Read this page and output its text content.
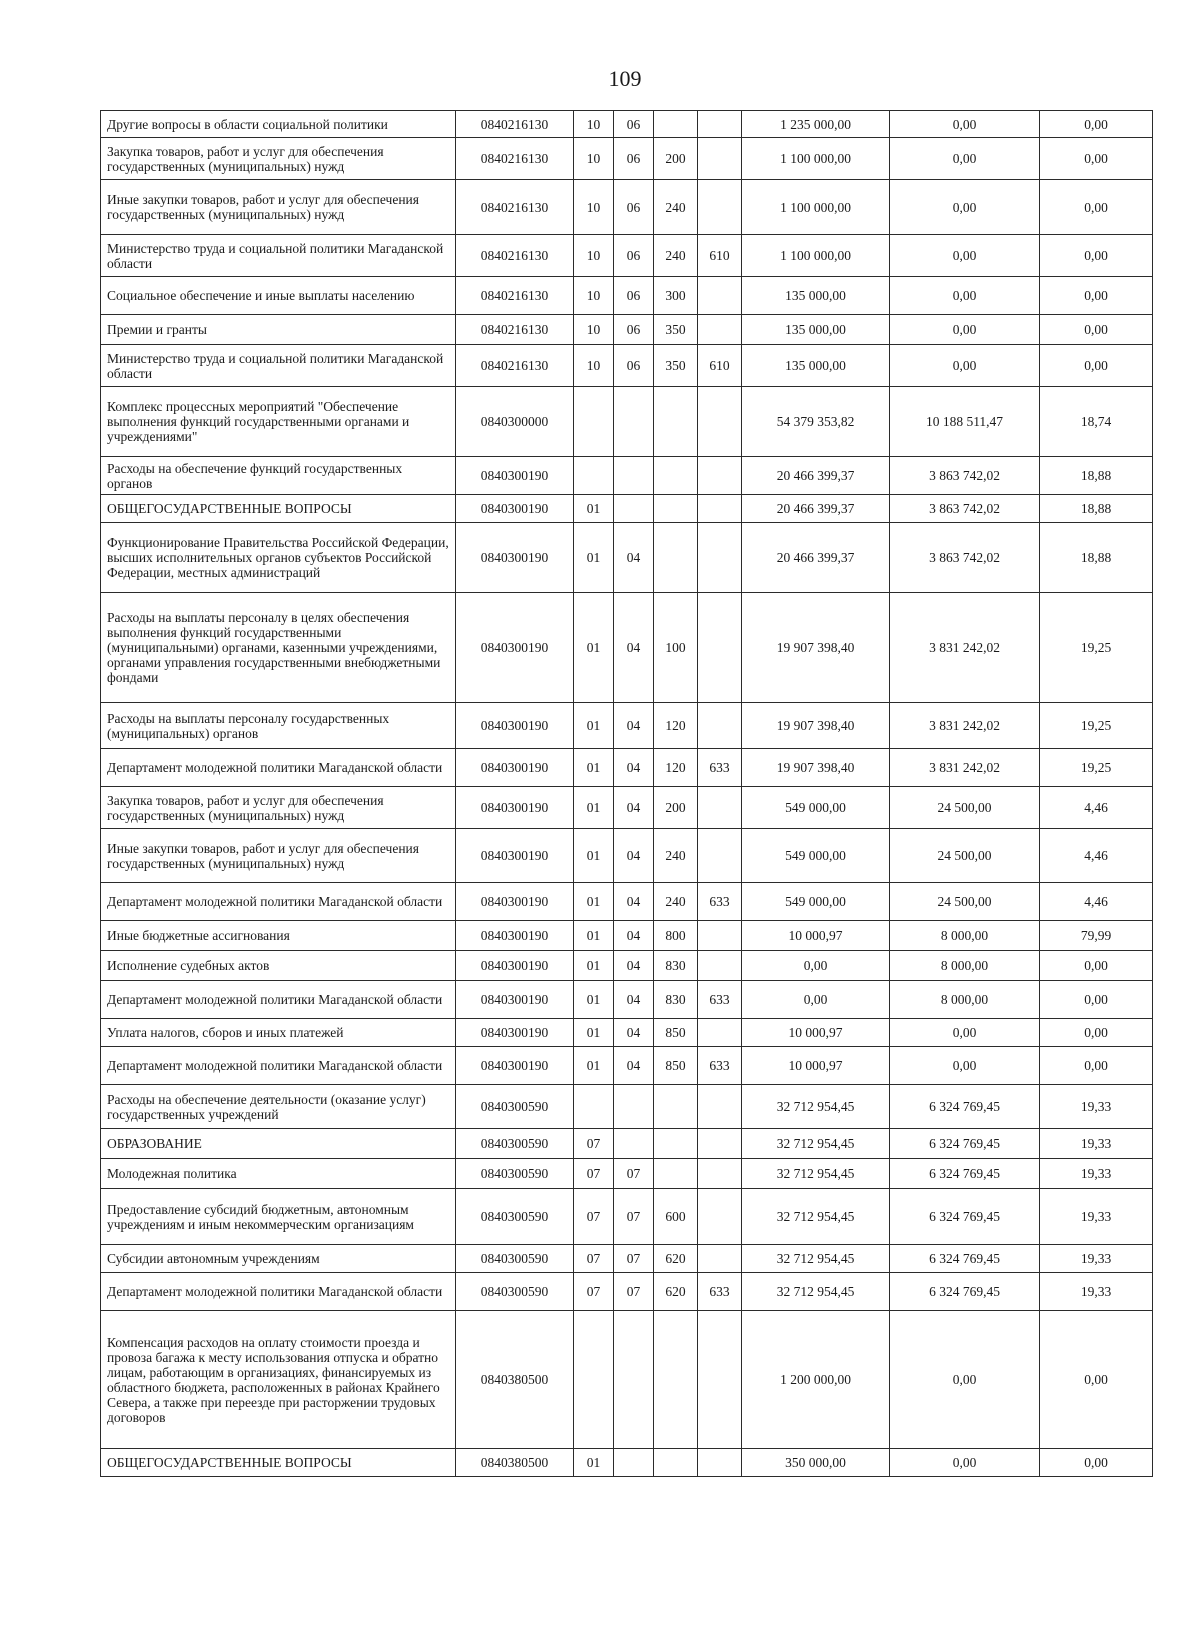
109
Другие вопросы в области социальной политики	0840216130	10	06			1 235 000,00	0,00	0,00
Закупка товаров, работ и услуг для обеспечения государственных (муниципальных) нужд	0840216130	10	06	200		1 100 000,00	0,00	0,00
Иные закупки товаров, работ и услуг для обеспечения государственных (муниципальных) нужд	0840216130	10	06	240		1 100 000,00	0,00	0,00
Министерство труда и социальной политики Магаданской области	0840216130	10	06	240	610	1 100 000,00	0,00	0,00
Социальное обеспечение и иные выплаты населению	0840216130	10	06	300		135 000,00	0,00	0,00
Премии и гранты	0840216130	10	06	350		135 000,00	0,00	0,00
Министерство труда и социальной политики Магаданской области	0840216130	10	06	350	610	135 000,00	0,00	0,00
Комплекс процессных мероприятий "Обеспечение выполнения функций государственными органами и учреждениями"	0840300000					54 379 353,82	10 188 511,47	18,74
Расходы на обеспечение функций государственных органов	0840300190					20 466 399,37	3 863 742,02	18,88
ОБЩЕГОСУДАРСТВЕННЫЕ ВОПРОСЫ	0840300190	01				20 466 399,37	3 863 742,02	18,88
Функционирование Правительства Российской Федерации, высших исполнительных органов субъектов Российской Федерации, местных администраций	0840300190	01	04			20 466 399,37	3 863 742,02	18,88
Расходы на выплаты персоналу в целях обеспечения выполнения функций государственными (муниципальными) органами, казенными учреждениями, органами управления государственными внебюджетными фондами	0840300190	01	04	100		19 907 398,40	3 831 242,02	19,25
Расходы на выплаты персоналу государственных (муниципальных) органов	0840300190	01	04	120		19 907 398,40	3 831 242,02	19,25
Департамент молодежной политики Магаданской области	0840300190	01	04	120	633	19 907 398,40	3 831 242,02	19,25
Закупка товаров, работ и услуг для обеспечения государственных (муниципальных) нужд	0840300190	01	04	200		549 000,00	24 500,00	4,46
Иные закупки товаров, работ и услуг для обеспечения государственных (муниципальных) нужд	0840300190	01	04	240		549 000,00	24 500,00	4,46
Департамент молодежной политики Магаданской области	0840300190	01	04	240	633	549 000,00	24 500,00	4,46
Иные бюджетные ассигнования	0840300190	01	04	800		10 000,97	8 000,00	79,99
Исполнение судебных актов	0840300190	01	04	830		0,00	8 000,00	0,00
Департамент молодежной политики Магаданской области	0840300190	01	04	830	633	0,00	8 000,00	0,00
Уплата налогов, сборов и иных платежей	0840300190	01	04	850		10 000,97	0,00	0,00
Департамент молодежной политики Магаданской области	0840300190	01	04	850	633	10 000,97	0,00	0,00
Расходы на обеспечение деятельности (оказание услуг) государственных учреждений	0840300590					32 712 954,45	6 324 769,45	19,33
ОБРАЗОВАНИЕ	0840300590	07				32 712 954,45	6 324 769,45	19,33
Молодежная политика	0840300590	07	07			32 712 954,45	6 324 769,45	19,33
Предоставление субсидий бюджетным, автономным учреждениям и иным некоммерческим организациям	0840300590	07	07	600		32 712 954,45	6 324 769,45	19,33
Субсидии автономным учреждениям	0840300590	07	07	620		32 712 954,45	6 324 769,45	19,33
Департамент молодежной политики Магаданской области	0840300590	07	07	620	633	32 712 954,45	6 324 769,45	19,33
Компенсация расходов на оплату стоимости проезда и провоза багажа к месту использования отпуска и обратно лицам, работающим в организациях, финансируемых из областного бюджета, расположенных в районах Крайнего Севера, а также при переезде при расторжении трудовых договоров	0840380500					1 200 000,00	0,00	0,00
ОБЩЕГОСУДАРСТВЕННЫЕ ВОПРОСЫ	0840380500	01				350 000,00	0,00	0,00
